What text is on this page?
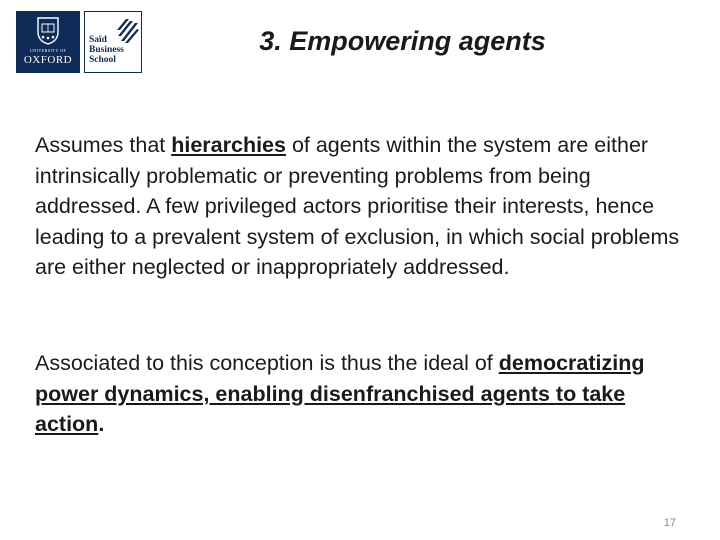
UNIVERSITY OF
OXFORD
Saïd
Business
School
3. Empowering agents

Assumes that hierarchies of agents within the system are either intrinsically problematic or preventing problems from being addressed. A few privileged actors prioritise their interests, hence leading to a prevalent system of exclusion, in which social problems are either neglected or inappropriately addressed.

Associated to this conception is thus the ideal of democratizing power dynamics, enabling disenfranchised agents to take action.

17
